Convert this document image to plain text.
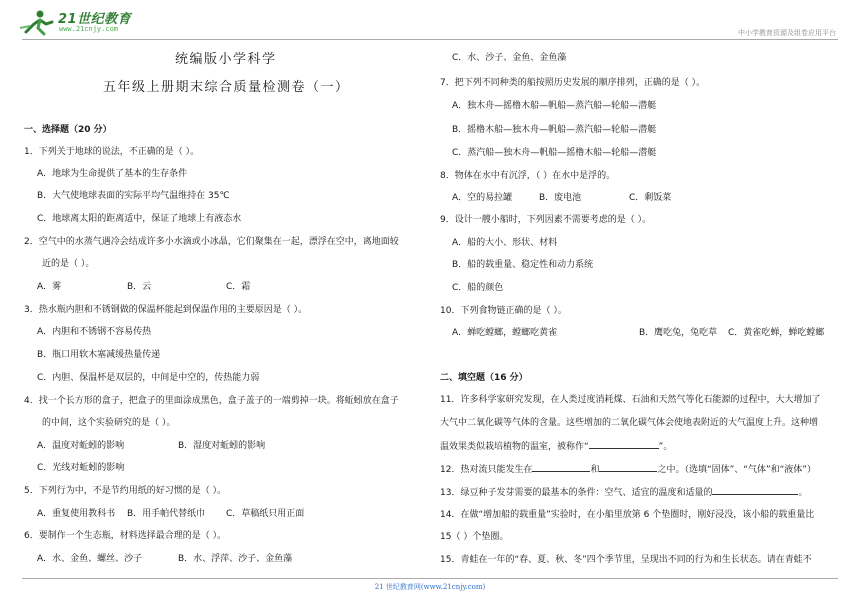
21世纪教育
www.21cnjy.com	中小学教育资源及组卷应用平台
统编版小学科学
五年级上册期末综合质量检测卷（一）
一、选择题（20 分）
1．下列关于地球的说法，不正确的是（ ）。
A．地球为生命提供了基本的生存条件
B．大气使地球表面的实际平均气温维持在 35℃
C．地球离太阳的距离适中，保证了地球上有液态水
2．空气中的水蒸气遇冷会结成许多小水滴或小冰晶，它们聚集在一起，漂浮在空中，离地面较
近的是（ ）。
A．雾	B．云	C．霜
3．热水瓶内胆和不锈钢做的保温杯能起到保温作用的主要原因是（ ）。
A．内胆和不锈钢不容易传热
B．瓶口用软木塞减缓热量传递
C．内胆、保温杯是双层的，中间是中空的，传热能力弱
4．找一个长方形的盒子，把盒子的里面涂成黑色，盒子盖子的一端剪掉一块。将蚯蚓放在盒子
的中间，这个实验研究的是（ ）。
A．温度对蚯蚓的影响	B．湿度对蚯蚓的影响
C．光线对蚯蚓的影响
5．下列行为中，不是节约用纸的好习惯的是（ ）。
A．重复使用教科书 B．用手帕代替纸巾 C．草稿纸只用正面
6．要制作一个生态瓶，材料选择最合理的是（ ）。
A．水、金鱼、螺丝、沙子	B．水、浮萍、沙子、金鱼藻
C．水、沙子、金鱼、金鱼藻
7．把下列不同种类的船按照历史发展的顺序排列，正确的是（ ）。
A．独木舟—摇橹木船—帆船—蒸汽船—轮船—潜艇
B．摇橹木船—独木舟—帆船—蒸汽船—轮船—潜艇
C．蒸汽船—独木舟—帆船—摇橹木船—轮船—潜艇
8．物体在水中有沉浮，（ ）在水中是浮的。
A．空的易拉罐	B．废电池	C．剩饭菜
9．设计一艘小船时，下列因素不需要考虑的是（ ）。
A．船的大小、形状、材料
B．船的载重量、稳定性和动力系统
C．船的颜色
10．下列食物链正确的是（ ）。
A．蝉吃螳螂，螳螂吃黄雀	B．鹰吃兔，兔吃草 C．黄雀吃蝉，蝉吃螳螂
二、填空题（16 分）
11．许多科学家研究发现，在人类过度消耗煤、石油和天然气等化石能源的过程中，大大增加了
大气中二氧化碳等气体的含量。这些增加的二氧化碳气体会使地表附近的大气温度上升。这种增
温效果类似栽培植物的温室，被称作“	”。
12．热对流只能发生在	和	之中。（选填“固体”、“气体”和“液体”）
13．绿豆种子发芽需要的最基本的条件：空气、适宜的温度和适量的	。
14．在做“增加船的载重量”实验时，在小船里放第 6 个垫圈时，刚好浸没，该小船的载重量比
15（ ）个垫圈。
15．青蛙在一年的“春、夏、秋、冬”四个季节里，呈现出不同的行为和生长状态。请在青蛙不
21 世纪教育网(www.21cnjy.com)
